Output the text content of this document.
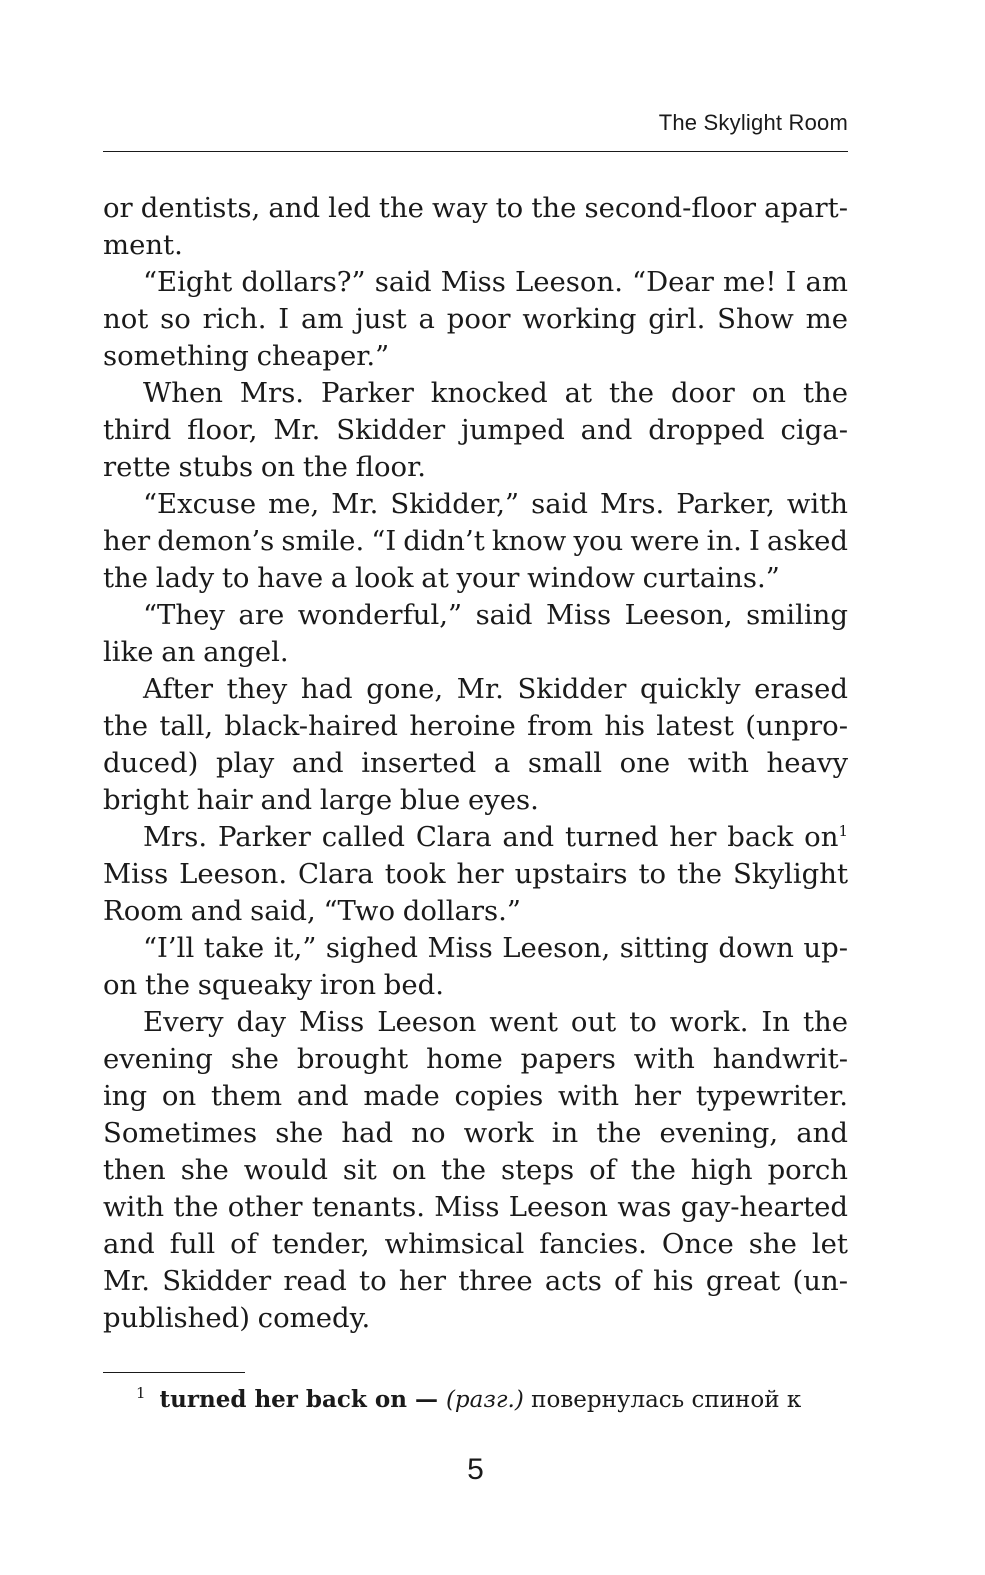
The Skylight Room
or dentists, and led the way to the second-floor apart-
ment.
“Eight dollars?” said Miss Leeson. “Dear me! I am
not so rich. I am just a poor working girl. Show me
something cheaper.”
When Mrs. Parker knocked at the door on the
third floor, Mr. Skidder jumped and dropped ciga-
rette stubs on the floor.
“Excuse me, Mr. Skidder,” said Mrs. Parker, with
her demon’s smile. “I didn’t know you were in. I asked
the lady to have a look at your window curtains.”
“They are wonderful,” said Miss Leeson, smiling
like an angel.
After they had gone, Mr. Skidder quickly erased
the tall, black-haired heroine from his latest (unpro-
duced) play and inserted a small one with heavy
bright hair and large blue eyes.
Mrs. Parker called Clara and turned her back $on^1$
Miss Leeson. Clara took her upstairs to the Skylight
Room and said, “Two dollars.”
“I’ll take it,” sighed Miss Leeson, sitting down up-
on the squeaky iron bed.
Every day Miss Leeson went out to work. In the
evening she brought home papers with handwrit-
ing on them and made copies with her typewriter.
Sometimes she had no work in the evening, and
then she would sit on the steps of the high porch
with the other tenants. Miss Leeson was gay-hearted
and full of tender, whimsical fancies. Once she let
Mr. Skidder read to her three acts of his great (un-
published) comedy.
$^1$ turned her back on — (разг.) повернулась спиной к
5
